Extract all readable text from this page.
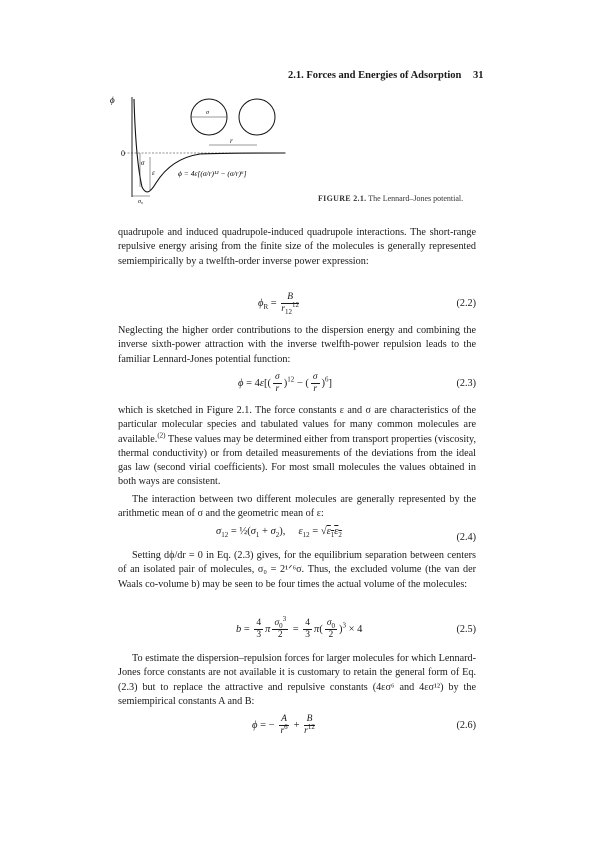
2.1. Forces and Energies of Adsorption 31
ϕ
0
σ
ε
σ₀
σ
r
ϕ = 4ε[(σ/r)¹² − (σ/r)⁶]
FIGURE 2.1. The Lennard–Jones potential.

quadrupole and induced quadrupole-induced quadrupole interactions. The short-range repulsive energy arising from the finite size of the molecules is generally represented semiempirically by a twelfth-order inverse power expression:

$\phi_R = \frac{B}{r_{12}^{12}}$	(2.2)

Neglecting the higher order contributions to the dispersion energy and combining the inverse sixth-power attraction with the inverse twelfth-power repulsion leads to the familiar Lennard-Jones potential function:

$\phi = 4\varepsilon[( \frac{\sigma}{r} )^{12}$ − ( $\frac{\sigma}{r} )^6$]	(2.3)

which is sketched in Figure 2.1. The force constants ε and σ are characteristics of the particular molecular species and tabulated values for many common molecules are available.$^{(2)}$ These values may be determined either from transport properties (viscosity, thermal conductivity) or from detailed measurements of the deviations from the ideal gas law (second virial coefficients). For most small molecules the values obtained in both ways are consistent.

The interaction between two different molecules are generally represented by the arithmetic mean of σ and the geometric mean of ε:

$\sigma_{12}$ = $\frac{1}{2}(\sigma_1 + \sigma_2)$,     $\varepsilon_{12} = √\varepsilon_1\varepsilon_2$	(2.4)

Setting dϕ/dr = 0 in Eq. (2.3) gives, for the equilibrium separation between centers of an isolated pair of molecules, σ₀ = 2¹ᐟ⁶σ. Thus, the excluded volume (the van der Waals co-volume b) may be seen to be four times the actual volume of the molecules:

$b = \frac{4}{3}$ π $\frac{\sigma_0^3}{2} = \frac{4}{3} \pi( \frac{\sigma_0}{2} )^3 \times 4$	(2.5)

To estimate the dispersion–repulsion forces for larger molecules for which Lennard-Jones force constants are not available it is customary to retain the general form of Eq. (2.3) but to replace the attractive and repulsive constants (4εσ⁶ and 4εσ¹²) by the semiempirical constants A and B:

ϕ = − $\frac{A}{r^6} + \frac{B}{r^{12}}$	(2.6)
